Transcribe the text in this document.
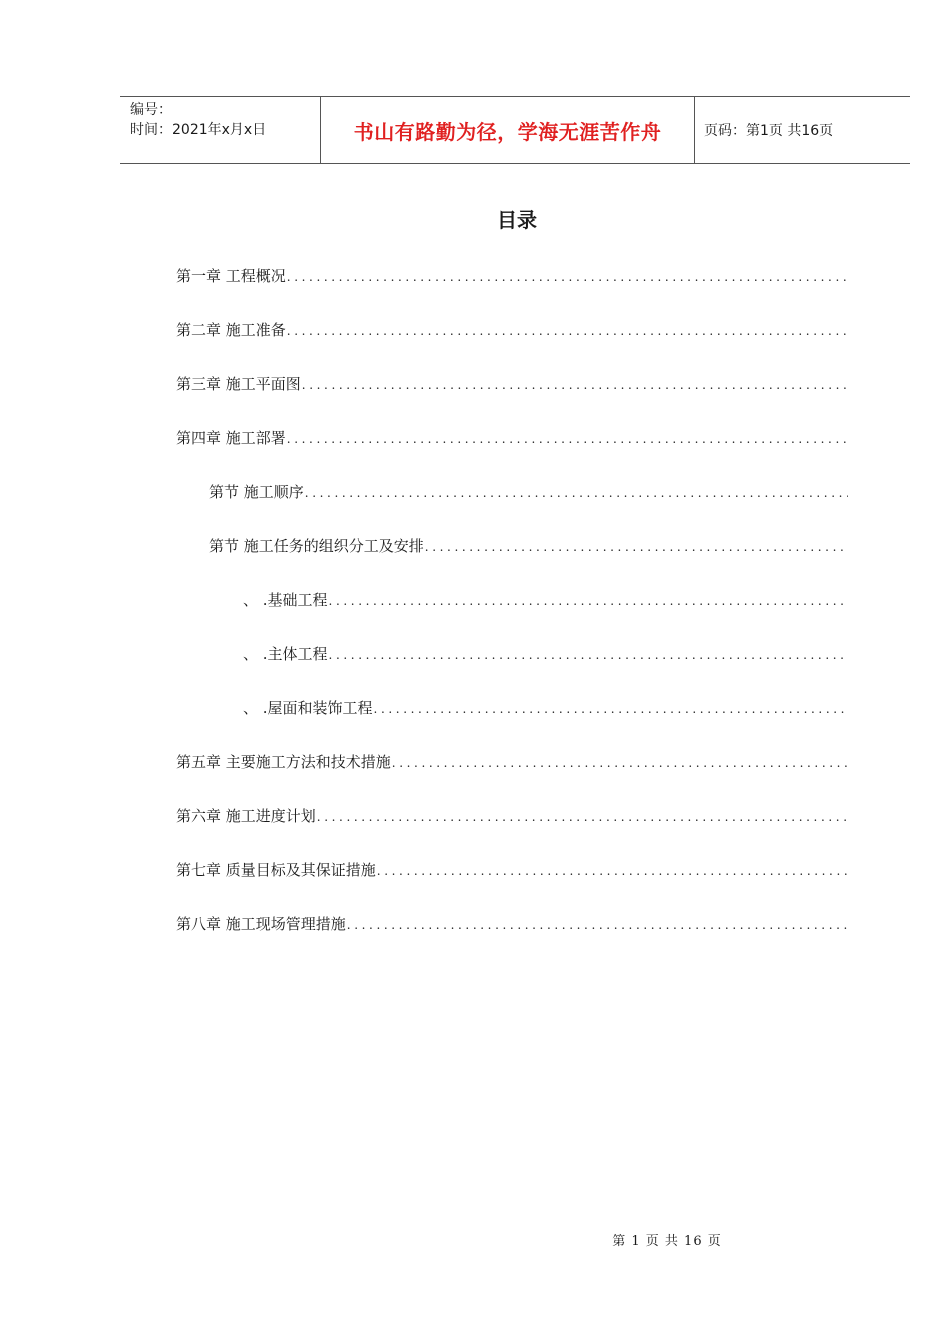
编号：
时间：2021年x月x日	书山有路勤为径，学海无涯苦作舟	页码：第1页 共16页
目录
第一章 工程概况
.....
第二章 施工准备
.....
第三章 施工平面图
.....
第四章 施工部署
.....
第节 施工顺序
.....
第节 施工任务的组织分工及安排
.....
、 .基础工程
.....
、 .主体工程
.....
、 .屋面和装饰工程
.....
第五章 主要施工方法和技术措施
.....
第六章 施工进度计划
.....
第七章 质量目标及其保证措施
.....
第八章 施工现场管理措施
.....
第 1 页 共 16 页
